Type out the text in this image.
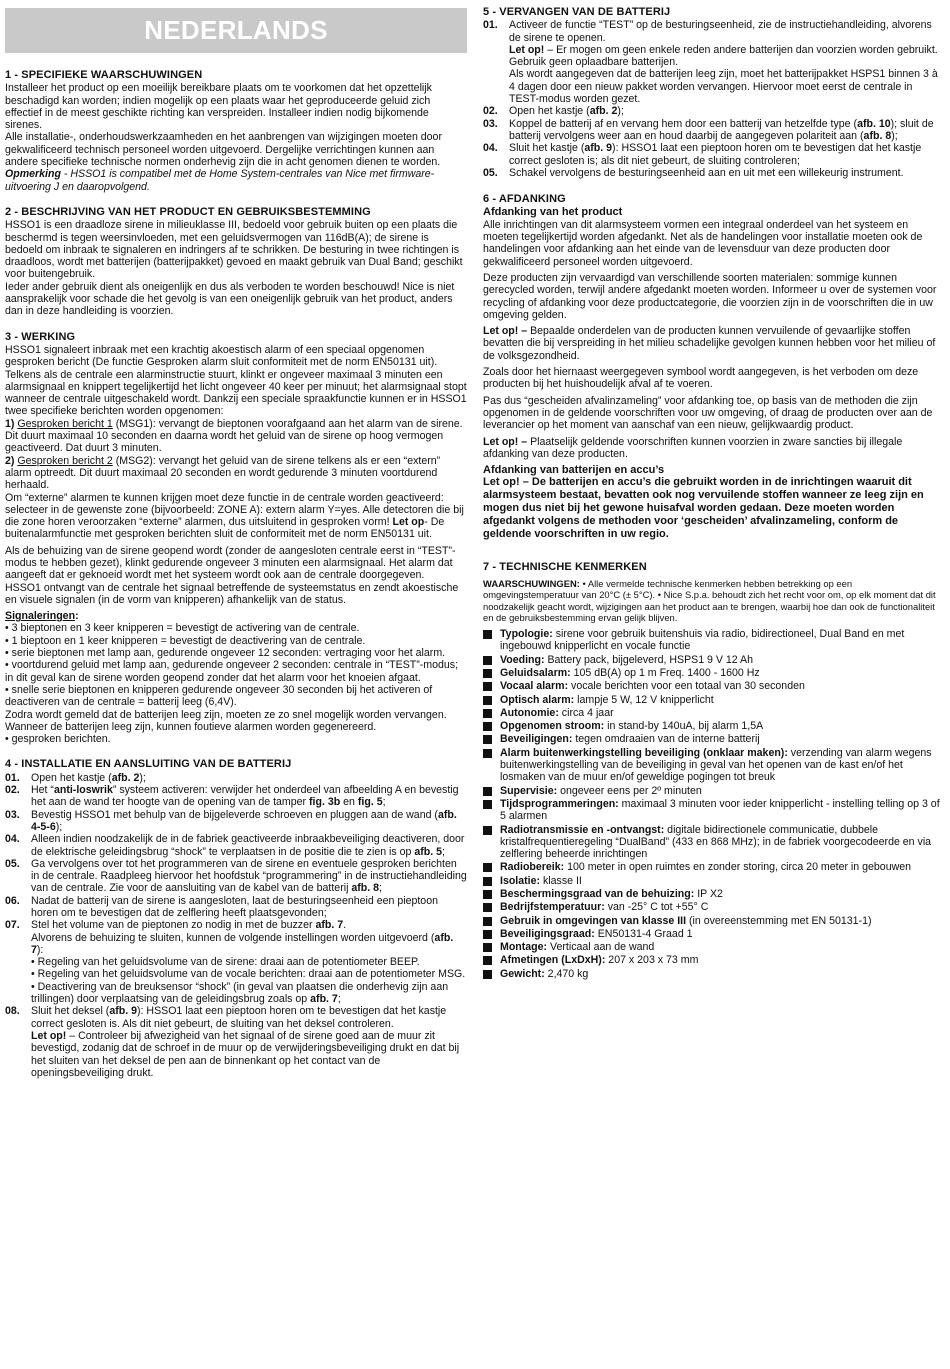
NEDERLANDS
1 - SPECIFIEKE WAARSCHUWINGEN

Installeer het product op een moeilijk bereikbare plaats om te voorkomen dat het opzettelijk beschadigd kan worden; indien mogelijk op een plaats waar het geproduceerde geluid zich effectief in de meest geschikte richting kan verspreiden. Installeer indien nodig bijkomende sirenes.

Alle installatie-, onderhoudswerkzaamheden en het aanbrengen van wijzigingen moeten door gekwalificeerd technisch personeel worden uitgevoerd. Dergelijke verrichtingen kunnen aan andere specifieke technische normen onderhevig zijn die in acht genomen dienen te worden.

Opmerking - HSSO1 is compatibel met de Home System-centrales van Nice met firmware-uitvoering J en daaropvolgend.

2 - BESCHRIJVING VAN HET PRODUCT EN GEBRUIKSBESTEMMING

HSSO1 is een draadloze sirene in milieuklasse III, bedoeld voor gebruik buiten op een plaats die beschermd is tegen weersinvloeden, met een geluidsvermogen van 116dB(A); de sirene is bedoeld om inbraak te signaleren en indringers af te schrikken. De besturing in twee richtingen is draadloos, wordt met batterijen (batterijpakket) gevoed en maakt gebruik van Dual Band; geschikt voor buitengebruik.

Ieder ander gebruik dient als oneigenlijk en dus als verboden te worden beschouwd! Nice is niet aansprakelijk voor schade die het gevolg is van een oneigenlijk gebruik van het product, anders dan in deze handleiding is voorzien.

3 - WERKING

HSSO1 signaleert inbraak met een krachtig akoestisch alarm of een speciaal opgenomen gesproken bericht (De functie Gesproken alarm sluit conformiteit met de norm EN50131 uit). Telkens als de centrale een alarminstructie stuurt, klinkt er ongeveer maximaal 3 minuten een alarmsignaal en knippert tegelijkertijd het licht ongeveer 40 keer per minuut; het alarmsignaal stopt wanneer de centrale uitgeschakeld wordt. Dankzij een speciale spraakfunctie kunnen er in HSSO1 twee specifieke berichten worden opgenomen:

1) Gesproken bericht 1 (MSG1): vervangt de bieptonen voorafgaand aan het alarm van de sirene. Dit duurt maximaal 10 seconden en daarna wordt het geluid van de sirene op hoog vermogen geactiveerd. Dat duurt 3 minuten.

2) Gesproken bericht 2 (MSG2): vervangt het geluid van de sirene telkens als er een “extern” alarm optreedt. Dit duurt maximaal 20 seconden en wordt gedurende 3 minuten voortdurend herhaald.

Om “externe” alarmen te kunnen krijgen moet deze functie in de centrale worden geactiveerd: selecteer in de gewenste zone (bijvoorbeeld: ZONE A): extern alarm Y=yes. Alle detectoren die bij die zone horen veroorzaken “externe” alarmen, dus uitsluitend in gesproken vorm! Let op- De buitenalarmfunctie met gesproken berichten sluit de conformiteit met de norm EN50131 uit.

Als de behuizing van de sirene geopend wordt (zonder de aangesloten centrale eerst in “TEST”-modus te hebben gezet), klinkt gedurende ongeveer 3 minuten een alarmsignaal. Het alarm dat aangeeft dat er geknoeid wordt met het systeem wordt ook aan de centrale doorgegeven.

HSSO1 ontvangt van de centrale het signaal betreffende de systeemstatus en zendt akoestische en visuele signalen (in de vorm van knipperen) afhankelijk van de status.

Signaleringen:

• 3 bieptonen en 3 keer knipperen = bevestigt de activering van de centrale.

• 1 bieptoon en 1 keer knipperen = bevestigt de deactivering van de centrale.

• serie bieptonen met lamp aan, gedurende ongeveer 12 seconden: vertraging voor het alarm.

• voortdurend geluid met lamp aan, gedurende ongeveer 2 seconden: centrale in “TEST”-modus; in dit geval kan de sirene worden geopend zonder dat het alarm voor het knoeien afgaat.

• snelle serie bieptonen en knipperen gedurende ongeveer 30 seconden bij het activeren of deactiveren van de centrale = batterij leeg (6,4V).

Zodra wordt gemeld dat de batterijen leeg zijn, moeten ze zo snel mogelijk worden vervangen. Wanneer de batterijen leeg zijn, kunnen foutieve alarmen worden gegenereerd.

• gesproken berichten.

4 - INSTALLATIE EN AANSLUITING VAN DE BATTERIJ
01.	Open het kastje (afb. 2);
02.	Het “anti-loswrik” systeem activeren: verwijder het onderdeel van afbeelding A en bevestig het aan de wand ter hoogte van de opening van de tamper fig. 3b en fig. 5;
03.	Bevestig HSSO1 met behulp van de bijgeleverde schroeven en pluggen aan de wand (afb. 4-5-6);
04.	Alleen indien noodzakelijk de in de fabriek geactiveerde inbraakbeveiliging deactiveren, door de elektrische geleidingsbrug “shock” te verplaatsen in de positie die te zien is op afb. 5;
05.	Ga vervolgens over tot het programmeren van de sirene en eventuele gesproken berichten in de centrale. Raadpleeg hiervoor het hoofdstuk “programmering” in de instructiehandleiding van de centrale. Zie voor de aansluiting van de kabel van de batterij afb. 8;
06.	Nadat de batterij van de sirene is aangesloten, laat de besturingseenheid een pieptoon horen om te bevestigen dat de zelflering heeft plaatsgevonden;
07.	Stel het volume van de pieptonen zo nodig in met de buzzer afb. 7.
Alvorens de behuizing te sluiten, kunnen de volgende instellingen worden uitgevoerd (afb. 7):
• Regeling van het geluidsvolume van de sirene: draai aan de potentiometer BEEP.
• Regeling van het geluidsvolume van de vocale berichten: draai aan de potentiometer MSG.
• Deactivering van de breuksensor “shock” (in geval van plaatsen die onderhevig zijn aan trillingen) door verplaatsing van de geleidingsbrug zoals op afb. 7;
08.	Sluit het deksel (afb. 9): HSSO1 laat een pieptoon horen om te bevestigen dat het kastje correct gesloten is. Als dit niet gebeurt, de sluiting van het deksel controleren.
Let op! – Controleer bij afwezigheid van het signaal of de sirene goed aan de muur zit bevestigd, zodanig dat de schroef in de muur op de verwijderingsbeveiliging drukt en dat bij het sluiten van het deksel de pen aan de binnenkant op het contact van de openingsbeveiliging drukt.
5 - VERVANGEN VAN DE BATTERIJ
01.	Activeer de functie “TEST” op de besturingseenheid, zie de instructiehandleiding, alvorens de sirene te openen.
Let op! – Er mogen om geen enkele reden andere batterijen dan voorzien worden gebruikt. Gebruik geen oplaadbare batterijen.
Als wordt aangegeven dat de batterijen leeg zijn, moet het batterijpakket HSPS1 binnen 3 à 4 dagen door een nieuw pakket worden vervangen. Hiervoor moet eerst de centrale in TEST-modus worden gezet.
02.	Open het kastje (afb. 2);
03.	Koppel de batterij af en vervang hem door een batterij van hetzelfde type (afb. 10); sluit de batterij vervolgens weer aan en houd daarbij de aangegeven polariteit aan (afb. 8);
04.	Sluit het kastje (afb. 9): HSSO1 laat een pieptoon horen om te bevestigen dat het kastje correct gesloten is; als dit niet gebeurt, de sluiting controleren;
05.	Schakel vervolgens de besturingseenheid aan en uit met een willekeurig instrument.
6 - AFDANKING
Afdanking van het product

Alle inrichtingen van dit alarmsysteem vormen een integraal onderdeel van het systeem en moeten tegelijkertijd worden afgedankt. Net als de handelingen voor installatie moeten ook de handelingen voor afdanking aan het einde van de levensduur van deze producten door gekwalificeerd personeel worden uitgevoerd.

Deze producten zijn vervaardigd van verschillende soorten materialen: sommige kunnen gerecycled worden, terwijl andere afgedankt moeten worden. Informeer u over de systemen voor recycling of afdanking voor deze productcategorie, die voorzien zijn in de voorschriften die in uw omgeving gelden.

Let op! – Bepaalde onderdelen van de producten kunnen vervuilende of gevaarlijke stoffen bevatten die bij verspreiding in het milieu schadelijke gevolgen kunnen hebben voor het milieu of de volksgezondheid.

Zoals door het hiernaast weergegeven symbool wordt aangegeven, is het verboden om deze producten bij het huishoudelijk afval af te voeren.

Pas dus “gescheiden afvalinzameling” voor afdanking toe, op basis van de methoden die zijn opgenomen in de geldende voorschriften voor uw omgeving, of draag de producten over aan de leverancier op het moment van aanschaf van een nieuw, gelijkwaardig product.

Let op! – Plaatselijk geldende voorschriften kunnen voorzien in zware sancties bij illegale afdanking van deze producten.

Afdanking van batterijen en accu’s

Let op! – De batterijen en accu’s die gebruikt worden in de inrichtingen waaruit dit alarmsysteem bestaat, bevatten ook nog vervuilende stoffen wanneer ze leeg zijn en mogen dus niet bij het gewone huisafval worden gedaan. Deze moeten worden afgedankt volgens de methoden voor ‘gescheiden’ afvalinzameling, conform de geldende voorschriften in uw regio.

7 - TECHNISCHE KENMERKEN

WAARSCHUWINGEN: • Alle vermelde technische kenmerken hebben betrekking op een omgevingstemperatuur van 20°C (± 5°C). • Nice S.p.a. behoudt zich het recht voor om, op elk moment dat dit noodzakelijk geacht wordt, wijzigingen aan het product aan te brengen, waarbij hoe dan ook de functionaliteit en de gebruiksbestemming ervan gelijk blijven.

Typologie: sirene voor gebruik buitenshuis via radio, bidirectioneel, Dual Band en met ingebouwd knipperlicht en vocale functie
Voeding: Battery pack, bijgeleverd, HSPS1 9 V 12 Ah
Geluidsalarm: 105 dB(A) op 1 m Freq. 1400 - 1600 Hz
Vocaal alarm: vocale berichten voor een totaal van 30 seconden
Optisch alarm: lampje 5 W, 12 V knipperlicht
Autonomie: circa 4 jaar
Opgenomen stroom: in stand-by 140uA, bij alarm 1,5A
Beveiligingen: tegen omdraaien van de interne batterij
Alarm buitenwerkingstelling beveiliging (onklaar maken): verzending van alarm wegens buitenwerkingstelling van de beveiliging in geval van het openen van de kast en/of het losmaken van de muur en/of geweldige pogingen tot breuk
Supervisie: ongeveer eens per 2º minuten
Tijdsprogrammeringen: maximaal 3 minuten voor ieder knipperlicht - instelling telling op 3 of 5 alarmen
Radiotransmissie en -ontvangst: digitale bidirectionele communicatie, dubbele kristalfrequentieregeling “DualBand” (433 en 868 MHz); in de fabriek voorgecodeerde en via zelflering beheerde inrichtingen
Radiobereik: 100 meter in open ruimtes en zonder storing, circa 20 meter in gebouwen
Isolatie: klasse II
Beschermingsgraad van de behuizing: IP X2
Bedrijfstemperatuur: van -25° C tot +55° C
Gebruik in omgevingen van klasse III (in overeenstemming met EN 50131-1)
Beveiligingsgraad: EN50131-4 Graad 1
Montage: Verticaal aan de wand
Afmetingen (LxDxH): 207 x 203 x 73 mm
Gewicht: 2,470 kg
